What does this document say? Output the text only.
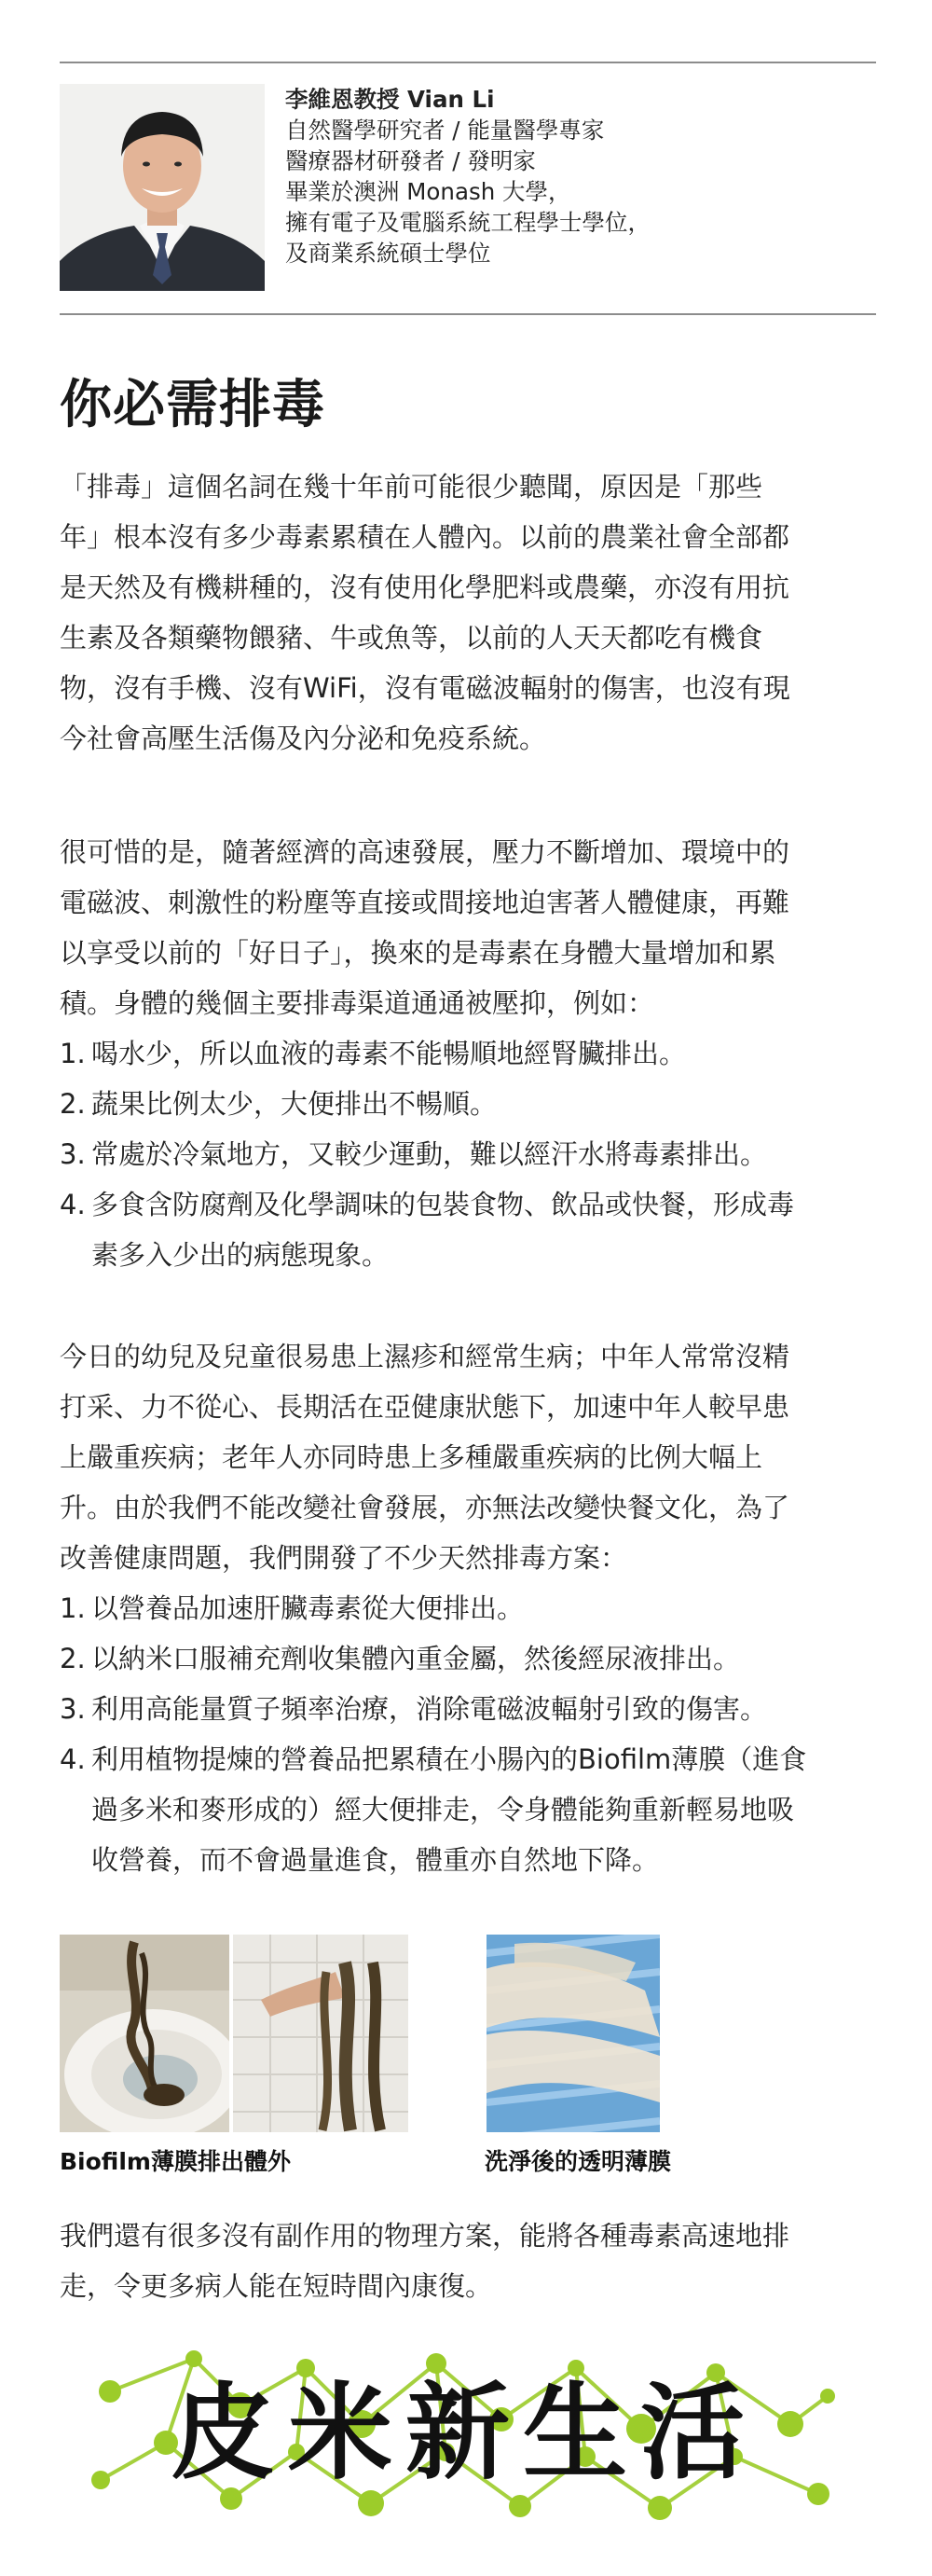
李維恩教授 Vian Li
自然醫學研究者 / 能量醫學專家
醫療器材研發者 / 發明家
畢業於澳洲 Monash 大學，
擁有電子及電腦系統工程學士學位，
及商業系統碩士學位
你必需排毒
「排毒」這個名詞在幾十年前可能很少聽聞，原因是「那些
年」根本沒有多少毒素累積在人體內。以前的農業社會全部都
是天然及有機耕種的，沒有使用化學肥料或農藥，亦沒有用抗
生素及各類藥物餵豬、牛或魚等，以前的人天天都吃有機食
物，沒有手機、沒有WiFi，沒有電磁波輻射的傷害，也沒有現
今社會高壓生活傷及內分泌和免疫系統。
很可惜的是，隨著經濟的高速發展，壓力不斷增加、環境中的
電磁波、刺激性的粉塵等直接或間接地迫害著人體健康，再難
以享受以前的「好日子」，換來的是毒素在身體大量增加和累
積。身體的幾個主要排毒渠道通通被壓抑，例如：
1. 喝水少，所以血液的毒素不能暢順地經腎臟排出。
2. 蔬果比例太少，大便排出不暢順。
3. 常處於冷氣地方，又較少運動，難以經汗水將毒素排出。
4. 多食含防腐劑及化學調味的包裝食物、飲品或快餐，形成毒
素多入少出的病態現象。
今日的幼兒及兒童很易患上濕疹和經常生病；中年人常常沒精
打采、力不從心、長期活在亞健康狀態下，加速中年人較早患
上嚴重疾病；老年人亦同時患上多種嚴重疾病的比例大幅上
升。由於我們不能改變社會發展，亦無法改變快餐文化，為了
改善健康問題，我們開發了不少天然排毒方案：
1. 以營養品加速肝臟毒素從大便排出。
2. 以納米口服補充劑收集體內重金屬，然後經尿液排出。
3. 利用高能量質子頻率治療，消除電磁波輻射引致的傷害。
4. 利用植物提煉的營養品把累積在小腸內的Biofilm薄膜（進食
過多米和麥形成的）經大便排走，令身體能夠重新輕易地吸
收營養，而不會過量進食，體重亦自然地下降。
Biofilm薄膜排出體外	洗淨後的透明薄膜
我們還有很多沒有副作用的物理方案，能將各種毒素高速地排
走，令更多病人能在短時間內康復。
皮米新生活
